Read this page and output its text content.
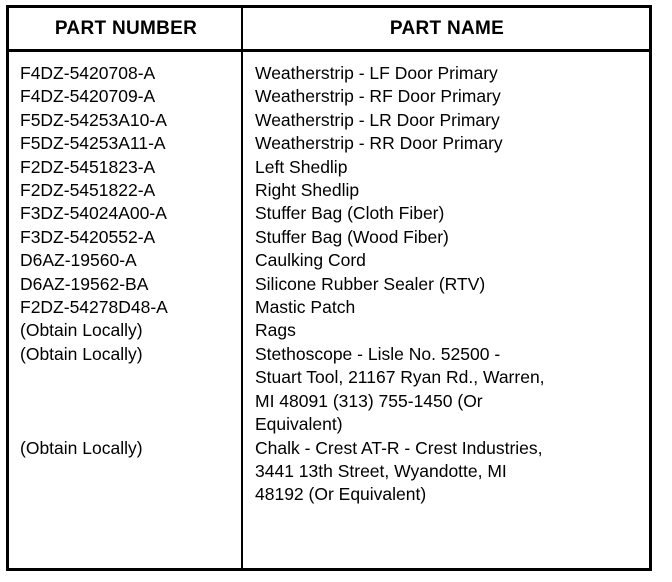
PART NUMBER	PART NAME
F4DZ-5420708-A
F4DZ-5420709-A
F5DZ-54253A10-A
F5DZ-54253A11-A
F2DZ-5451823-A
F2DZ-5451822-A
F3DZ-54024A00-A
F3DZ-5420552-A
D6AZ-19560-A
D6AZ-19562-BA
F2DZ-54278D48-A
(Obtain Locally)
(Obtain Locally)

(Obtain Locally)

Weatherstrip - LF Door Primary
Weatherstrip - RF Door Primary
Weatherstrip - LR Door Primary
Weatherstrip - RR Door Primary
Left Shedlip
Right Shedlip
Stuffer Bag (Cloth Fiber)
Stuffer Bag (Wood Fiber)
Caulking Cord
Silicone Rubber Sealer (RTV)
Mastic Patch
Rags
Stethoscope - Lisle No. 52500 -
Stuart Tool, 21167 Ryan Rd., Warren,
MI 48091 (313) 755-1450 (Or
Equivalent)
Chalk - Crest AT-R - Crest Industries,
3441 13th Street, Wyandotte, MI
48192 (Or Equivalent)
